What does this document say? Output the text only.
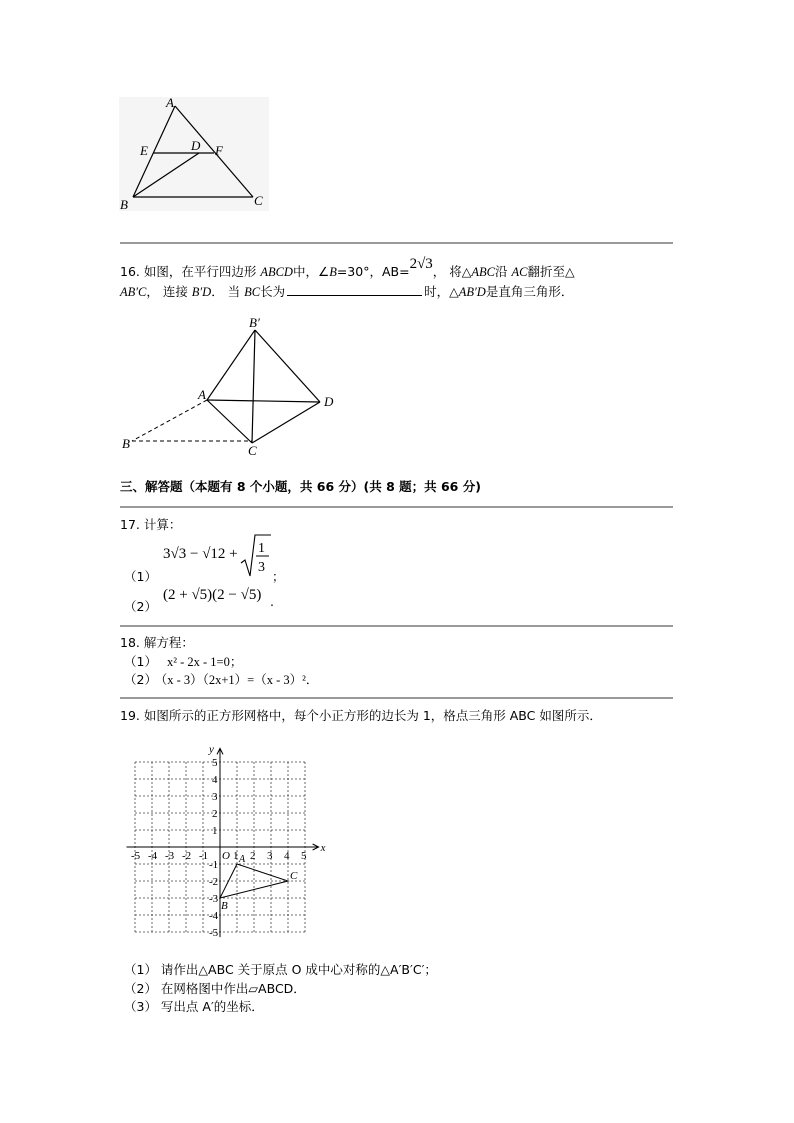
A
E	D F
B	C
16. 如图，在平行四边形 ABCD中，∠B=30°，AB=2√3， 将△ABC沿 AC翻折至△
AB′C， 连接 B′D． 当 BC长为	时，△AB′D是直角三角形．
B′
A	D
B	C
三、解答题（本题有 8 个小题，共 66 分）(共 8 题；共 66 分)
17. 计算：
（1）
3√3 − √12 + 1
3
；
（2）
(2 + √5)(2 − √5) .
18. 解方程：
（1） x² - 2x - 1=0；
（2） （x - 3）（2x+1）=（x - 3）²．
19. 如图所示的正方形网格中，每个小正方形的边长为 1，格点三角形 ABC 如图所示．
x
y
O
-5 -4 -3 -2 -1 1 2 3 4 5
5
4
3
2
1
-1
-2
-3
-4
-5
A
B
C
（1） 请作出△ABC 关于原点 O 成中心对称的△A′B′C′；
（2） 在网格图中作出▱ABCD．
（3） 写出点 A′的坐标．
